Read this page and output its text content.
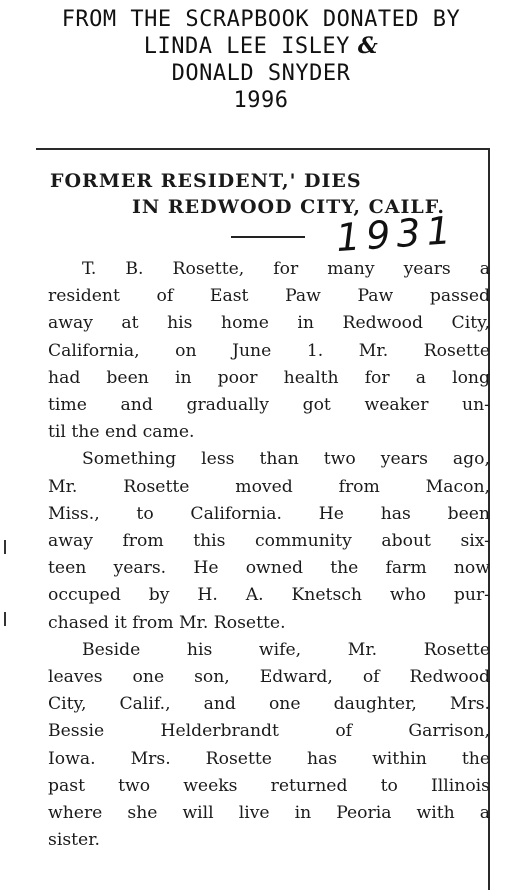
FROM THE SCRAPBOOK DONATED BY
LINDA LEE ISLEY &
DONALD SNYDER
1996
FORMER RESIDENT,' DIES
IN REDWOOD CITY, CAILF.
1931
T. B. Rosette, for many years a
resident of East Paw Paw passed
away at his home in Redwood City,
California, on June 1. Mr. Rosette
had been in poor health for a long
time and gradually got weaker un-
til the end came.
Something less than two years ago,
Mr. Rosette moved from Macon,
Miss., to California. He has been
away from this community about six-
teen years. He owned the farm now
occuped by H. A. Knetsch who pur-
chased it from Mr. Rosette.
Beside his wife, Mr. Rosette
leaves one son, Edward, of Redwood
City, Calif., and one daughter, Mrs.
Bessie Helderbrandt of Garrison,
Iowa. Mrs. Rosette has within the
past two weeks returned to Illinois
where she will live in Peoria with a
sister.
